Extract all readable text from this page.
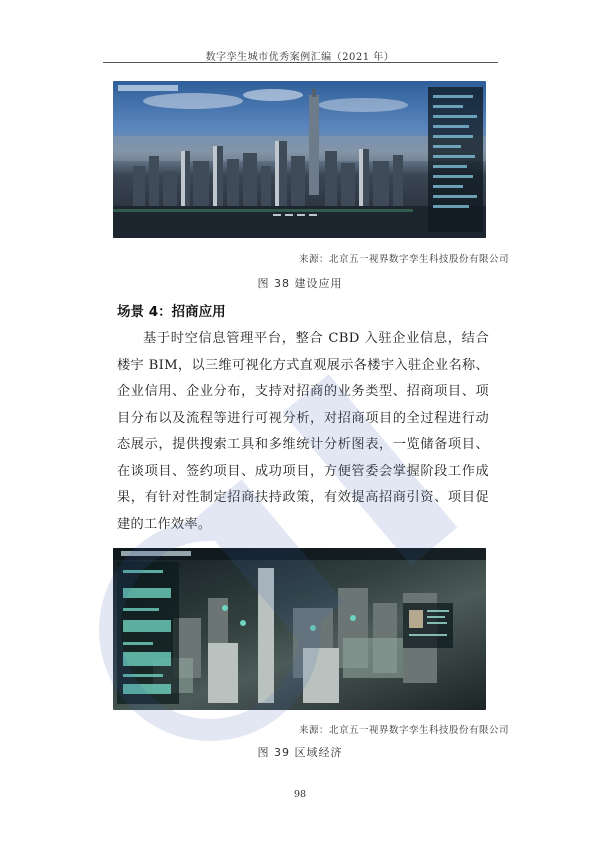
数字孪生城市优秀案例汇编（2021 年）
来源：北京五一视界数字孪生科技股份有限公司
图 38 建设应用
场景 4：招商应用
基于时空信息管理平台，整合 CBD 入驻企业信息，结合楼宇 BIM，以三维可视化方式直观展示各楼宇入驻企业名称、企业信用、企业分布，支持对招商的业务类型、招商项目、项目分布以及流程等进行可视分析，对招商项目的全过程进行动态展示，提供搜索工具和多维统计分析图表，一览储备项目、在谈项目、签约项目、成功项目，方便管委会掌握阶段工作成果，有针对性制定招商扶持政策，有效提高招商引资、项目促建的工作效率。
来源：北京五一视界数字孪生科技股份有限公司
图 39 区域经济
98
